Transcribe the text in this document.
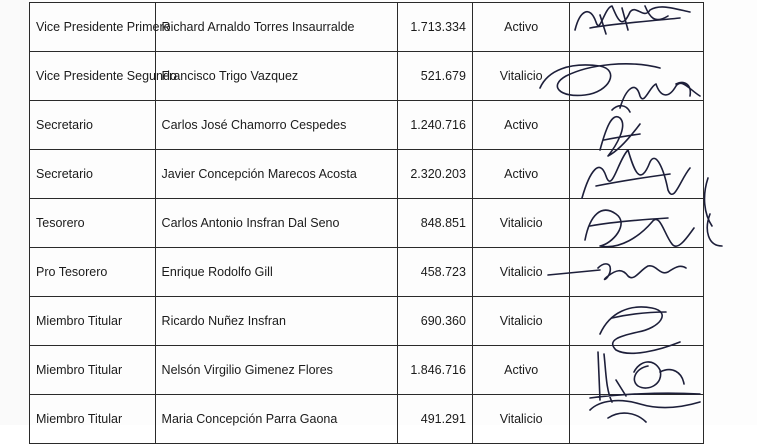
Vice Presidente Primero	Richard Arnaldo Torres Insaurralde	1.713.334	Activo	
Vice Presidente Segundo	Francisco Trigo Vazquez	521.679	Vitalicio	
Secretario	Carlos José Chamorro Cespedes	1.240.716	Activo	
Secretario	Javier Concepción Marecos Acosta	2.320.203	Activo	
Tesorero	Carlos Antonio Insfran Dal Seno	848.851	Vitalicio	
Pro Tesorero	Enrique Rodolfo Gill	458.723	Vitalicio	
Miembro Titular	Ricardo Nuñez Insfran	690.360	Vitalicio	
Miembro Titular	Nelsón Virgilio Gimenez Flores	1.846.716	Activo	
Miembro Titular	Maria Concepción Parra Gaona	491.291	Vitalicio	
